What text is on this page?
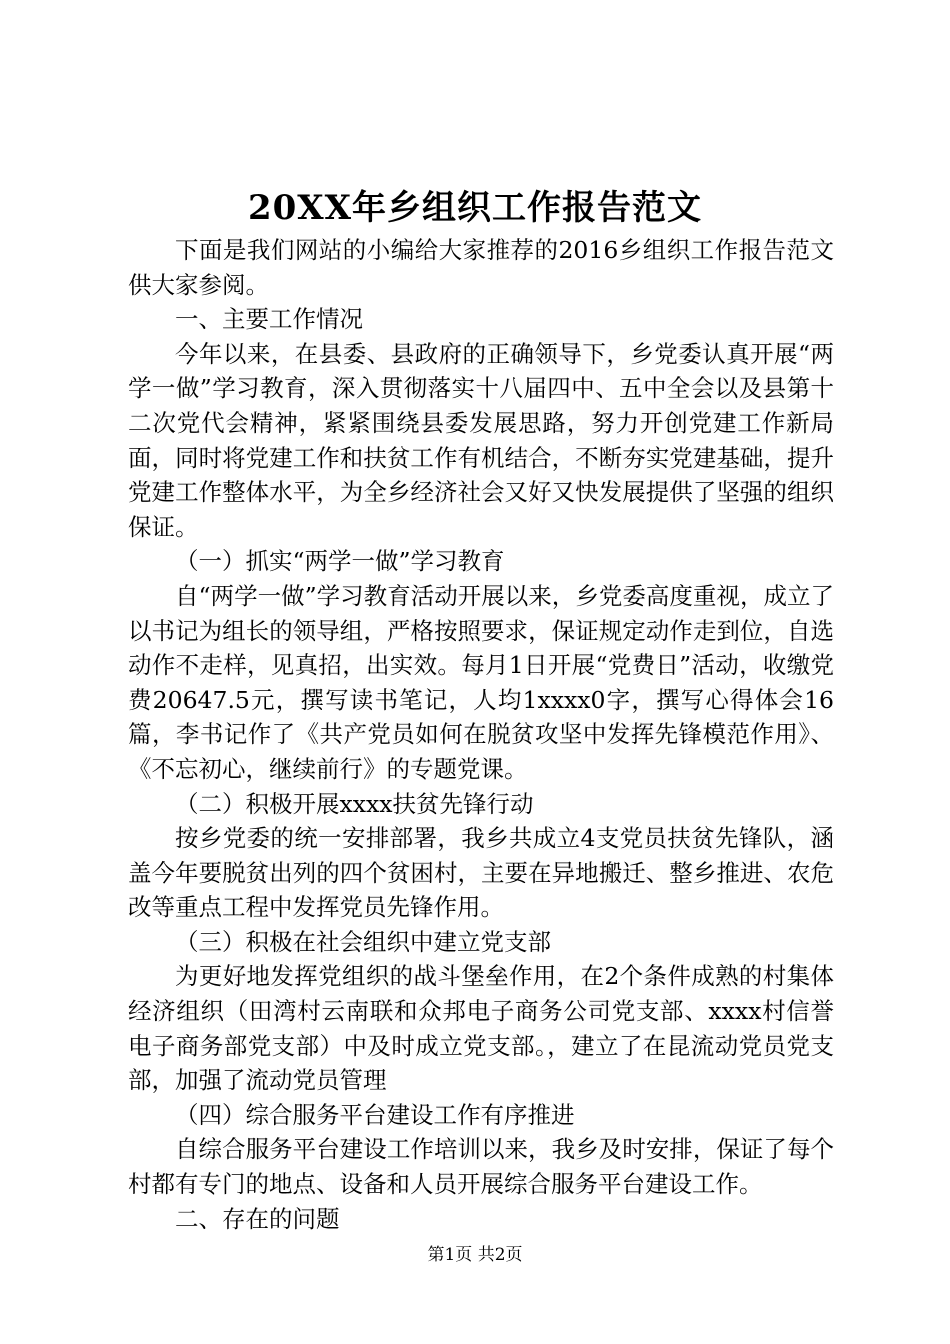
20XX年乡组织工作报告范文

下面是我们网站的小编给大家推荐的2016乡组织工作报告范文供大家参阅。

一、主要工作情况

今年以来，在县委、县政府的正确领导下，乡党委认真开展“两学一做”学习教育，深入贯彻落实十八届四中、五中全会以及县第十二次党代会精神，紧紧围绕县委发展思路，努力开创党建工作新局面，同时将党建工作和扶贫工作有机结合，不断夯实党建基础，提升党建工作整体水平，为全乡经济社会又好又快发展提供了坚强的组织保证。

（一）抓实“两学一做”学习教育

自“两学一做”学习教育活动开展以来，乡党委高度重视，成立了以书记为组长的领导组，严格按照要求，保证规定动作走到位，自选动作不走样，见真招，出实效。每月1日开展“党费日”活动，收缴党费20647.5元，撰写读书笔记，人均1xxxx0字，撰写心得体会16篇，李书记作了《共产党员如何在脱贫攻坚中发挥先锋模范作用》、《不忘初心，继续前行》的专题党课。

（二）积极开展xxxx扶贫先锋行动

按乡党委的统一安排部署，我乡共成立4支党员扶贫先锋队，涵盖今年要脱贫出列的四个贫困村，主要在异地搬迁、整乡推进、农危改等重点工程中发挥党员先锋作用。

（三）积极在社会组织中建立党支部

为更好地发挥党组织的战斗堡垒作用，在2个条件成熟的村集体经济组织（田湾村云南联和众邦电子商务公司党支部、xxxx村信誉电子商务部党支部）中及时成立党支部。，建立了在昆流动党员党支部，加强了流动党员管理

（四）综合服务平台建设工作有序推进

自综合服务平台建设工作培训以来，我乡及时安排，保证了每个村都有专门的地点、设备和人员开展综合服务平台建设工作。

二、存在的问题

第1页 共2页
